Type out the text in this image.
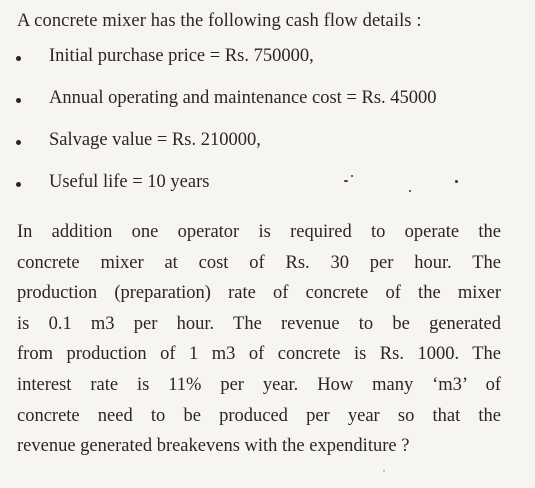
A concrete mixer has the following cash flow details :
Initial purchase price = Rs. 750000,
Annual operating and maintenance cost = Rs. 45000
Salvage value = Rs. 210000,
Useful life = 10 years
In addition one operator is required to operate the
concrete mixer at cost of Rs. 30 per hour. The
production (preparation) rate of concrete of the mixer
is 0.1 m3 per hour. The revenue to be generated
from production of 1 m3 of concrete is Rs. 1000. The
interest rate is 11% per year. How many ‘m3’ of
concrete need to be produced per year so that the
revenue generated breakevens with the expenditure ?
